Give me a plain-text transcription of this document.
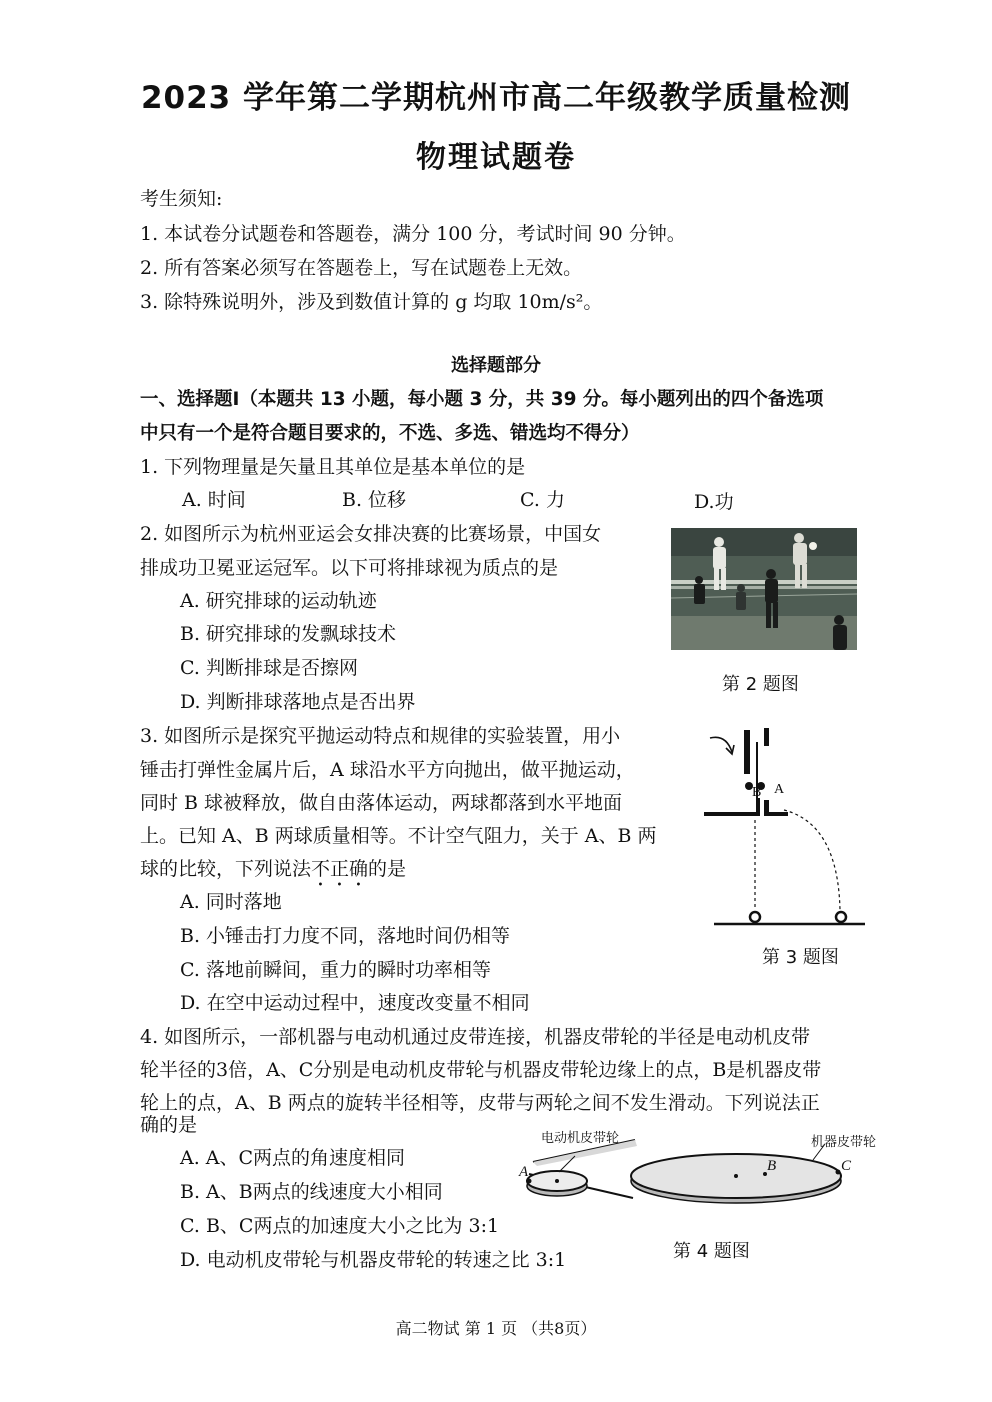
2023 学年第二学期杭州市高二年级教学质量检测
物理试题卷
考生须知:
1. 本试卷分试题卷和答题卷，满分 100 分，考试时间 90 分钟。
2. 所有答案必须写在答题卷上，写在试题卷上无效。
3. 除特殊说明外，涉及到数值计算的 g 均取 10m/s²。
选择题部分
一、选择题Ⅰ（本题共 13 小题，每小题 3 分，共 39 分。每小题列出的四个备选项
中只有一个是符合题目要求的，不选、多选、错选均不得分）
1. 下列物理量是矢量且其单位是基本单位的是
A. 时间	B. 位移	C. 力	D.功
2. 如图所示为杭州亚运会女排决赛的比赛场景，中国女
排成功卫冕亚运冠军。以下可将排球视为质点的是
A. 研究排球的运动轨迹
B. 研究排球的发飘球技术
C. 判断排球是否擦网
D. 判断排球落地点是否出界
第 2 题图
3. 如图所示是探究平抛运动特点和规律的实验装置，用小
锤击打弹性金属片后，A 球沿水平方向抛出，做平抛运动，
同时 B 球被释放，做自由落体运动，两球都落到水平地面
上。已知 A、B 两球质量相等。不计空气阻力，关于 A、B 两
球的比较，下列说法不正确的是
A. 同时落地
B. 小锤击打力度不同，落地时间仍相等
C. 落地前瞬间，重力的瞬时功率相等
D. 在空中运动过程中，速度改变量不相同
B A
第 3 题图
4. 如图所示，一部机器与电动机通过皮带连接，机器皮带轮的半径是电动机皮带
轮半径的3倍，A、C分别是电动机皮带轮与机器皮带轮边缘上的点，B是机器皮带
轮上的点，A、B 两点的旋转半径相等，皮带与两轮之间不发生滑动。下列说法正
确的是
A. A、C两点的角速度相同
B. A、B两点的线速度大小相同
C. B、C两点的加速度大小之比为 3:1
D. 电动机皮带轮与机器皮带轮的转速之比 3:1
电动机皮带轮	机器皮带轮
A	B	C
第 4 题图
高二物试 第 1 页 （共8页）
